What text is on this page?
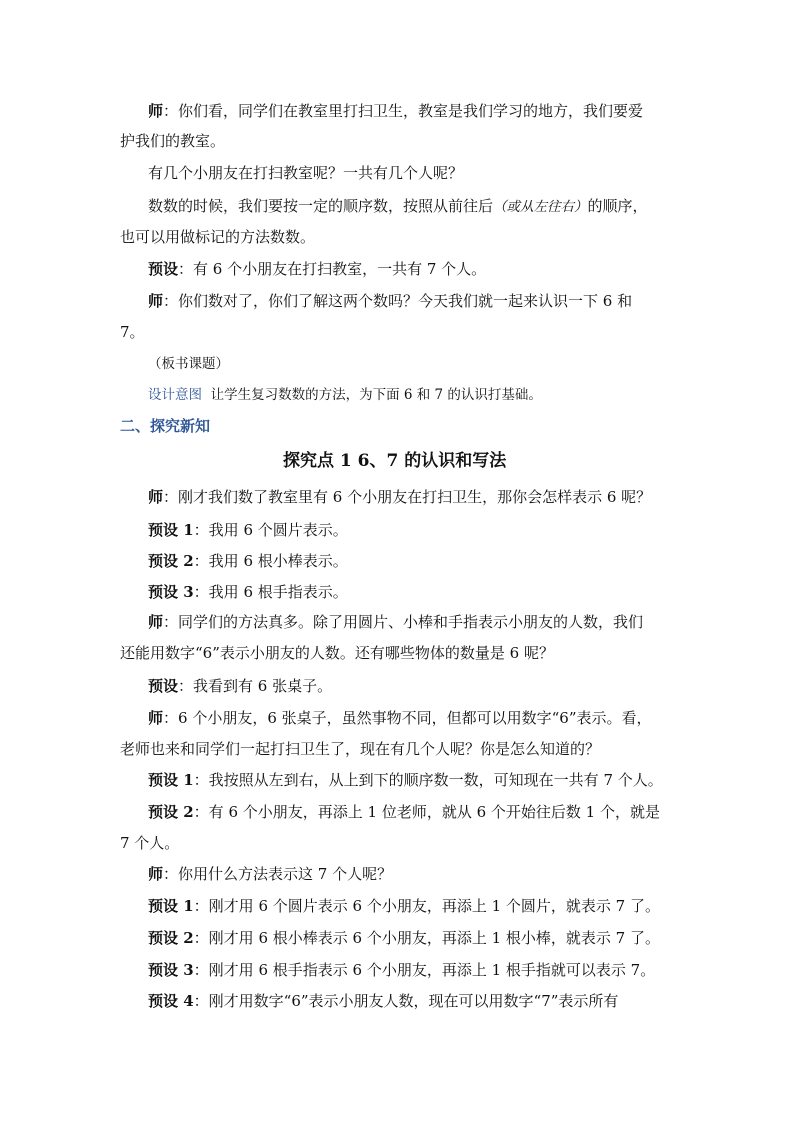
师：你们看，同学们在教室里打扫卫生，教室是我们学习的地方，我们要爱
护我们的教室。
有几个小朋友在打扫教室呢？一共有几个人呢？
数数的时候，我们要按一定的顺序数，按照从前往后（或从左往右）的顺序，
也可以用做标记的方法数数。
预设：有 6 个小朋友在打扫教室，一共有 7 个人。
师：你们数对了，你们了解这两个数吗？今天我们就一起来认识一下 6 和
7。
（板书课题）
设计意图 让学生复习数数的方法，为下面 6 和 7 的认识打基础。
二、探究新知
探究点 1 6、7 的认识和写法
师：刚才我们数了教室里有 6 个小朋友在打扫卫生，那你会怎样表示 6 呢？
预设 1：我用 6 个圆片表示。
预设 2：我用 6 根小棒表示。
预设 3：我用 6 根手指表示。
师：同学们的方法真多。除了用圆片、小棒和手指表示小朋友的人数，我们
还能用数字“6”表示小朋友的人数。还有哪些物体的数量是 6 呢？
预设：我看到有 6 张桌子。
师：6 个小朋友，6 张桌子，虽然事物不同，但都可以用数字“6”表示。看，
老师也来和同学们一起打扫卫生了，现在有几个人呢？你是怎么知道的？
预设 1：我按照从左到右，从上到下的顺序数一数，可知现在一共有 7 个人。
预设 2：有 6 个小朋友，再添上 1 位老师，就从 6 个开始往后数 1 个，就是
7 个人。
师：你用什么方法表示这 7 个人呢？
预设 1：刚才用 6 个圆片表示 6 个小朋友，再添上 1 个圆片，就表示 7 了。
预设 2：刚才用 6 根小棒表示 6 个小朋友，再添上 1 根小棒，就表示 7 了。
预设 3：刚才用 6 根手指表示 6 个小朋友，再添上 1 根手指就可以表示 7。
预设 4：刚才用数字“6”表示小朋友人数，现在可以用数字“7”表示所有
